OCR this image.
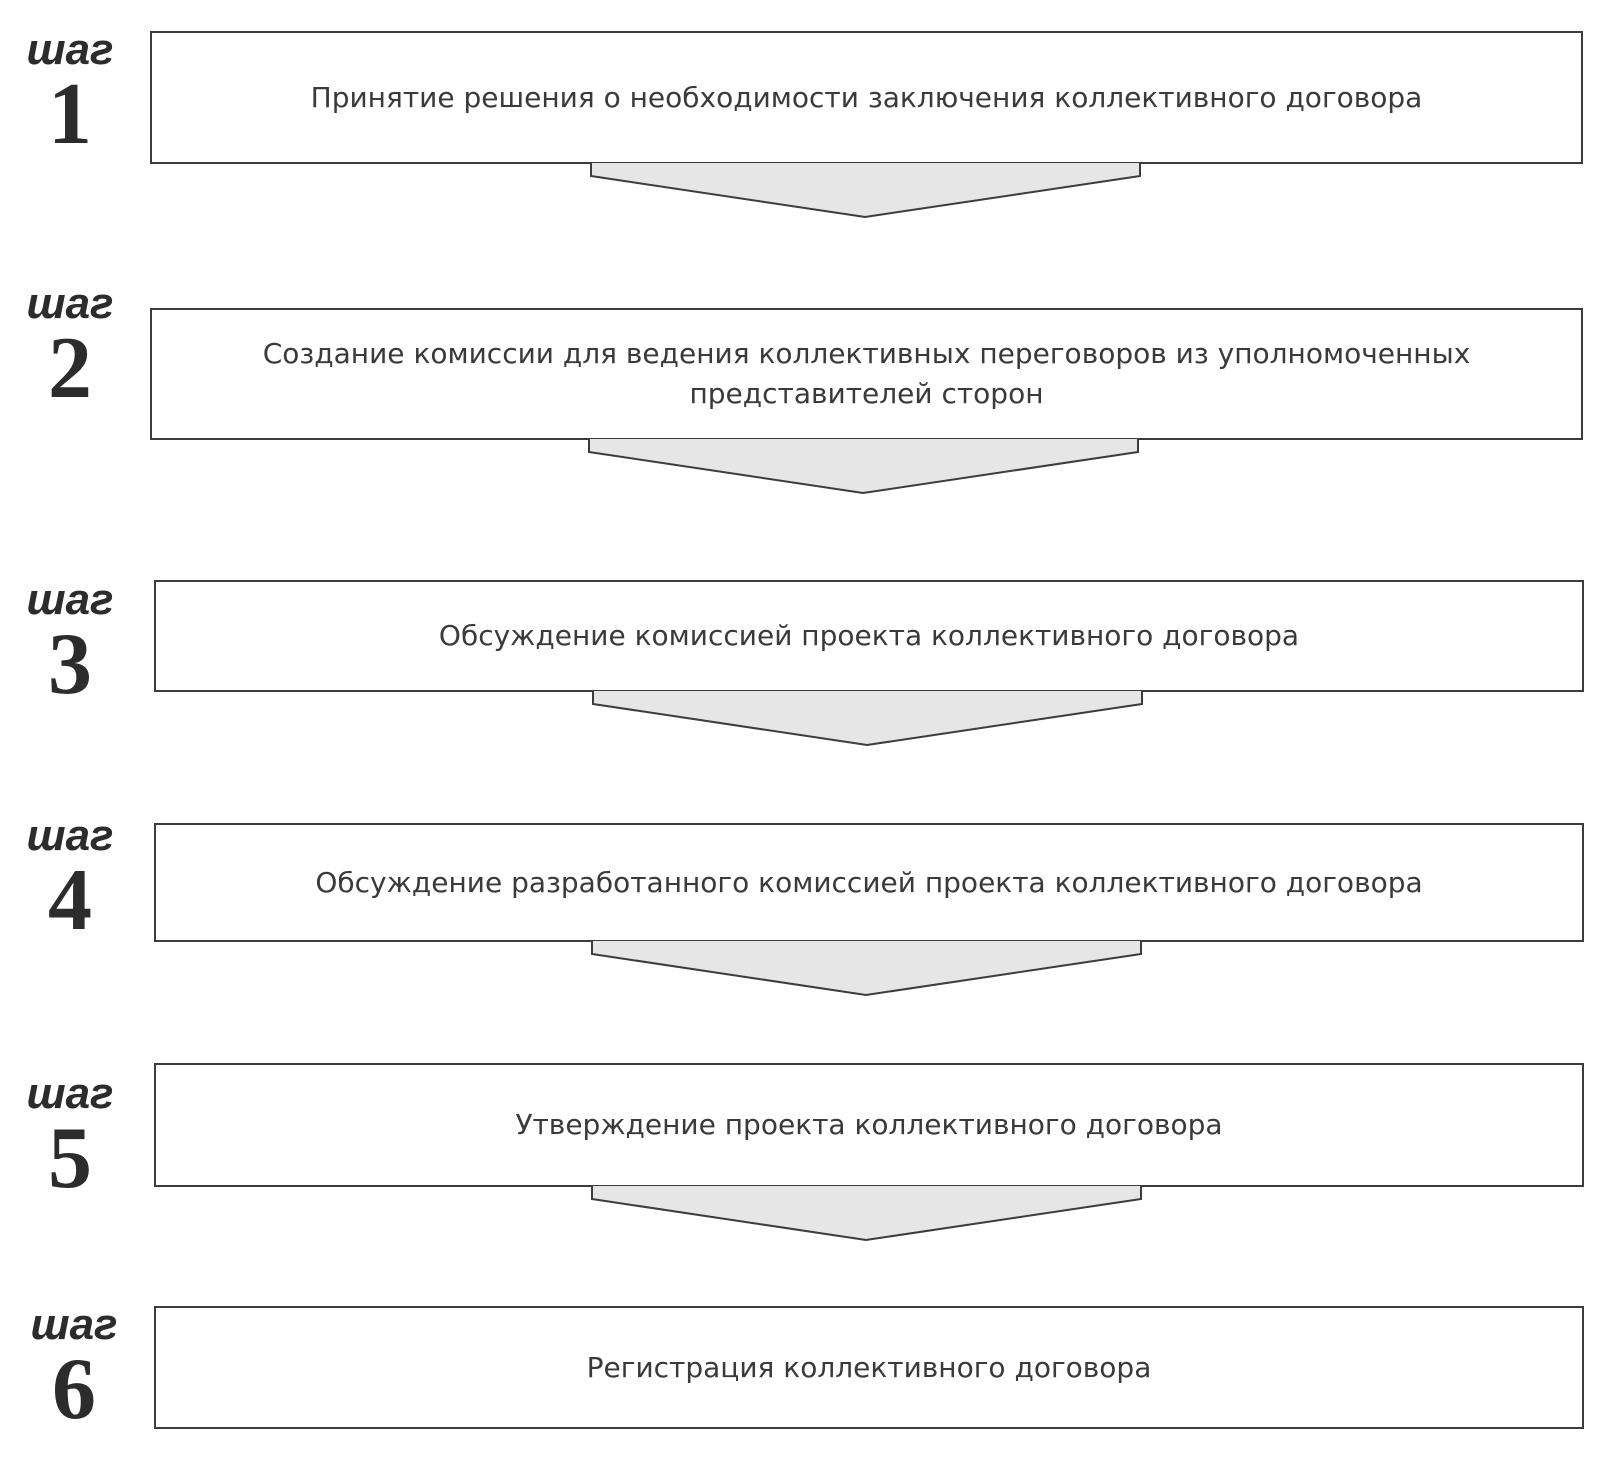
шаг
1	Принятие решения о необходимости заключения коллективного договора
шаг
2	Создание комиссии для ведения коллективных переговоров из уполномоченных представителей сторон
шаг
3	Обсуждение комиссией проекта коллективного договора
шаг
4	Обсуждение разработанного комиссией проекта коллективного договора
шаг
5	Утверждение проекта коллективного договора
шаг
6	Регистрация коллективного договора
